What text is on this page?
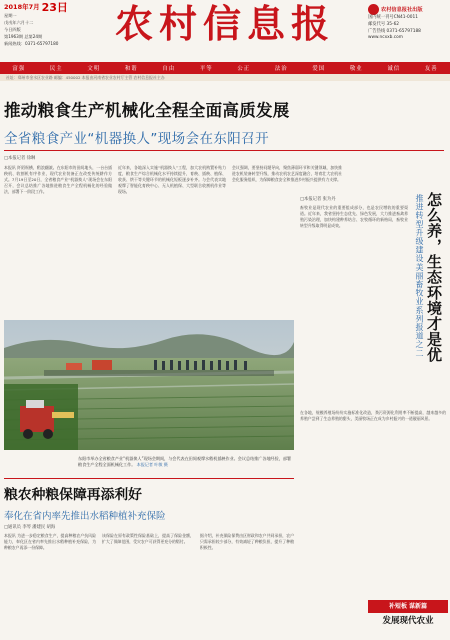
2018年7月 23日
星期一
戊戌年六月十二
今日四版
第1963期 总第24期
新闻热线：0371-65797180	农村信息报	农村信息报社出版
国内统一刊号CN41-0011
邮发代号 35-62
广告热线 0371-65797188
www.ncxxb.com
富强	民主	文明	和谐	自由	平等	公正	法治	爱国	敬业	诚信	友善
社址：郑州市金水区农业路 邮编：450002 本报由河南省农业农村厅主管 农村信息报社主办
推动粮食生产机械化全程全面高质发展
全省粮食产业“机器换人”现场会在东阳召开
□本报记者 徐琳
本报讯 阡陌纵横，稻浪翻滚。在东阳市的田间地头，一台台插秧机、收割机有序作业，现代农业装备正在改变传统耕作方式。7月19日至20日，全省粮食产业“机器换人”现场会在东阳召开，会议总结推广各地推进粮食生产全程机械化的经验做法，部署下一阶段工作。
近年来，各地深入实施“机器换人”工程，加大农机购置补贴力度，粮食生产综合机械化水平持续提升，育秧、插秧、植保、收获、烘干等关键环节的机械化短板逐步补齐。与会代表实地观摩了智能化育秧中心、无人机植保、大型联合收割机作业等现场。
会议强调，要坚持问题导向，聚焦薄弱环节和关键领域，加快推进农机装备转型升级，推动农机农艺深度融合，培育壮大农机社会化服务组织，为保障粮食安全和推进乡村振兴提供有力支撑。
东阳市举办全省粮食产业“机器换人”现场会期间，与会代表在田间观摩水稻机插秧作业。会议总结推广各地经验，部署粮食生产全程全面机械化工作。 本报记者 叶敏 摄
粮农种粮保障再添利好
奉化在省内率先推出水稻种植补充保险
□通讯员 李琴 潘建民 胡海
本报讯 为进一步稳定粮食生产，提高种粮农户抗风险能力，奉化区在省内率先推出水稻种植补充保险，为种粮农户再添一份保障。
该保险在原有政策性保险基础上，提高了保险金额，扩大了保障范围，受灾农户可获得更充分的赔付。
据介绍，补充保险保费由区财政和农户共同承担，农户只需承担较少部分，有效减轻了种粮负担，提升了种粮积极性。
□本报记者 张为丹
畜牧业是现代农业的重要组成部分，也是农民增收的重要渠道。近年来，我省坚持生态优先、绿色发展，大力推进畜禽养殖污染治理，加快构建种养结合、农牧循环的新格局，畜牧业转型升级取得明显成效。	怎么养，生态环境才是优
推进转型升级建设美丽畜牧业系列报道之二
在各地，规模养殖场纷纷实施标准化改造，粪污资源化利用率不断提高，越来越多的养殖户尝到了生态养殖的甜头，美丽牧场正在成为乡村振兴的一道靓丽风景。
补短板 谋新篇
发展现代农业
